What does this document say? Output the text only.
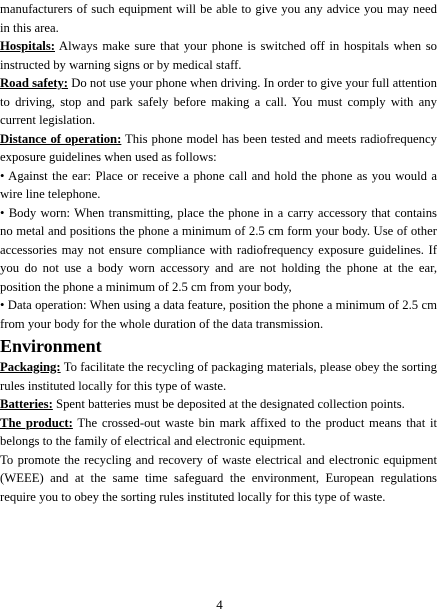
manufacturers of such equipment will be able to give you any advice you may need in this area.

Hospitals: Always make sure that your phone is switched off in hospitals when so instructed by warning signs or by medical staff.

Road safety: Do not use your phone when driving. In order to give your full attention to driving, stop and park safely before making a call. You must comply with any current legislation.

Distance of operation: This phone model has been tested and meets radiofrequency exposure guidelines when used as follows:

• Against the ear: Place or receive a phone call and hold the phone as you would a wire line telephone.

• Body worn: When transmitting, place the phone in a carry accessory that contains no metal and positions the phone a minimum of 2.5 cm form your body. Use of other accessories may not ensure compliance with radiofrequency exposure guidelines. If you do not use a body worn accessory and are not holding the phone at the ear, position the phone a minimum of 2.5 cm from your body,

• Data operation: When using a data feature, position the phone a minimum of 2.5 cm from your body for the whole duration of the data transmission.

Environment

Packaging: To facilitate the recycling of packaging materials, please obey the sorting rules instituted locally for this type of waste.

Batteries: Spent batteries must be deposited at the designated collection points.

The product: The crossed-out waste bin mark affixed to the product means that it belongs to the family of electrical and electronic equipment.

To promote the recycling and recovery of waste electrical and electronic equipment (WEEE) and at the same time safeguard the environment, European regulations require you to obey the sorting rules instituted locally for this type of waste.

4
